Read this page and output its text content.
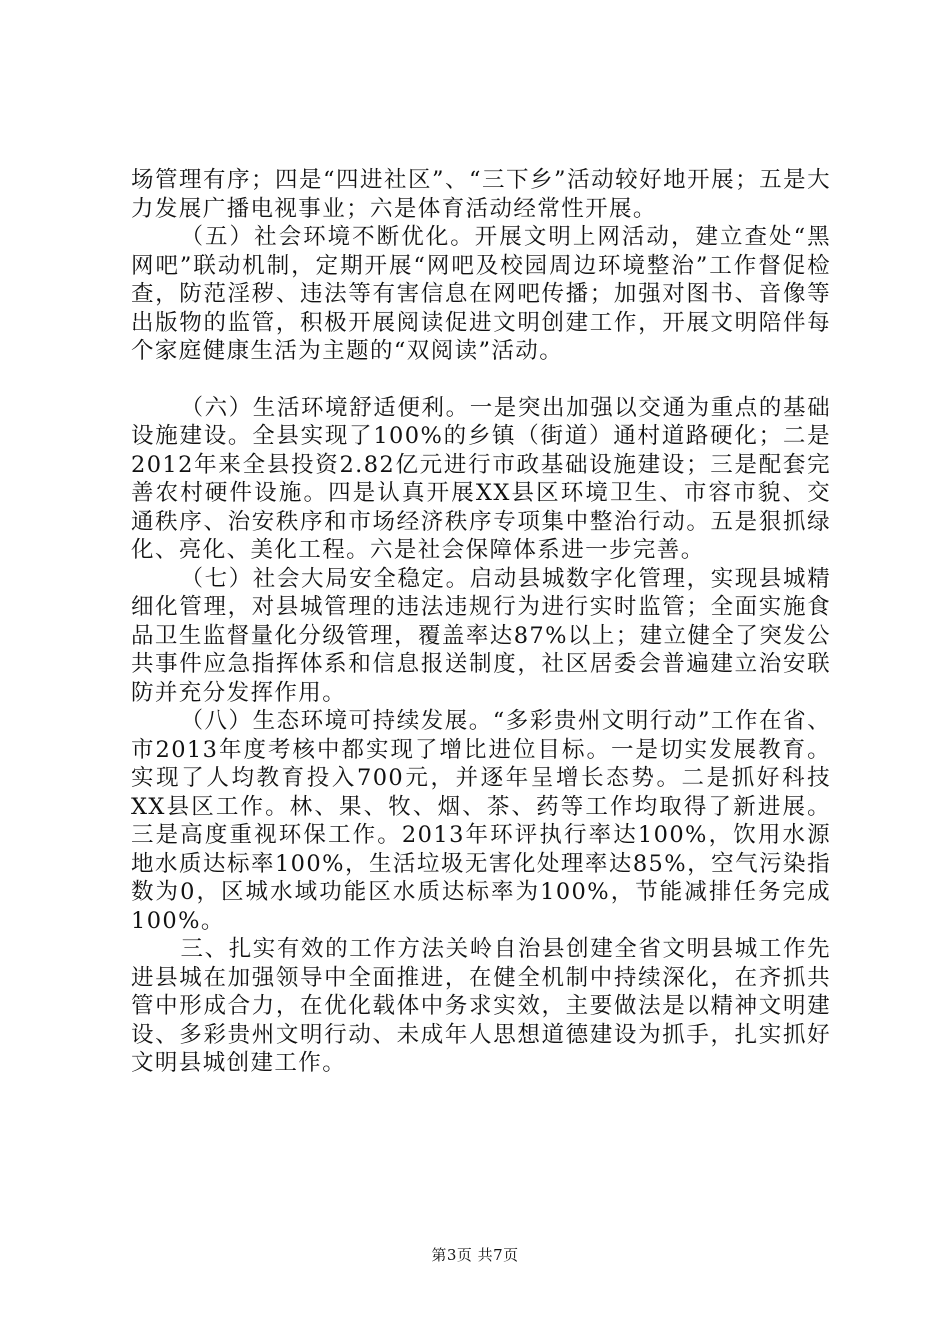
场管理有序；四是“四进社区”、“三下乡”活动较好地开展；五是大力发展广播电视事业；六是体育活动经常性开展。

（五）社会环境不断优化。开展文明上网活动，建立查处“黑网吧”联动机制，定期开展“网吧及校园周边环境整治”工作督促检查，防范淫秽、违法等有害信息在网吧传播；加强对图书、音像等出版物的监管，积极开展阅读促进文明创建工作，开展文明陪伴每个家庭健康生活为主题的“双阅读”活动。

（六）生活环境舒适便利。一是突出加强以交通为重点的基础设施建设。全县实现了100%的乡镇（街道）通村道路硬化；二是2012年来全县投资2.82亿元进行市政基础设施建设；三是配套完善农村硬件设施。四是认真开展XX县区环境卫生、市容市貌、交通秩序、治安秩序和市场经济秩序专项集中整治行动。五是狠抓绿化、亮化、美化工程。六是社会保障体系进一步完善。

（七）社会大局安全稳定。启动县城数字化管理，实现县城精细化管理，对县城管理的违法违规行为进行实时监管；全面实施食品卫生监督量化分级管理，覆盖率达87%以上；建立健全了突发公共事件应急指挥体系和信息报送制度，社区居委会普遍建立治安联防并充分发挥作用。

（八）生态环境可持续发展。“多彩贵州文明行动”工作在省、市2013年度考核中都实现了增比进位目标。一是切实发展教育。实现了人均教育投入700元，并逐年呈增长态势。二是抓好科技XX县区工作。林、果、牧、烟、茶、药等工作均取得了新进展。三是高度重视环保工作。2013年环评执行率达100%，饮用水源地水质达标率100%，生活垃圾无害化处理率达85%，空气污染指数为0，区城水域功能区水质达标率为100%，节能减排任务完成100%。

三、扎实有效的工作方法关岭自治县创建全省文明县城工作先进县城在加强领导中全面推进，在健全机制中持续深化，在齐抓共管中形成合力，在优化载体中务求实效，主要做法是以精神文明建设、多彩贵州文明行动、未成年人思想道德建设为抓手，扎实抓好文明县城创建工作。

第3页 共7页
